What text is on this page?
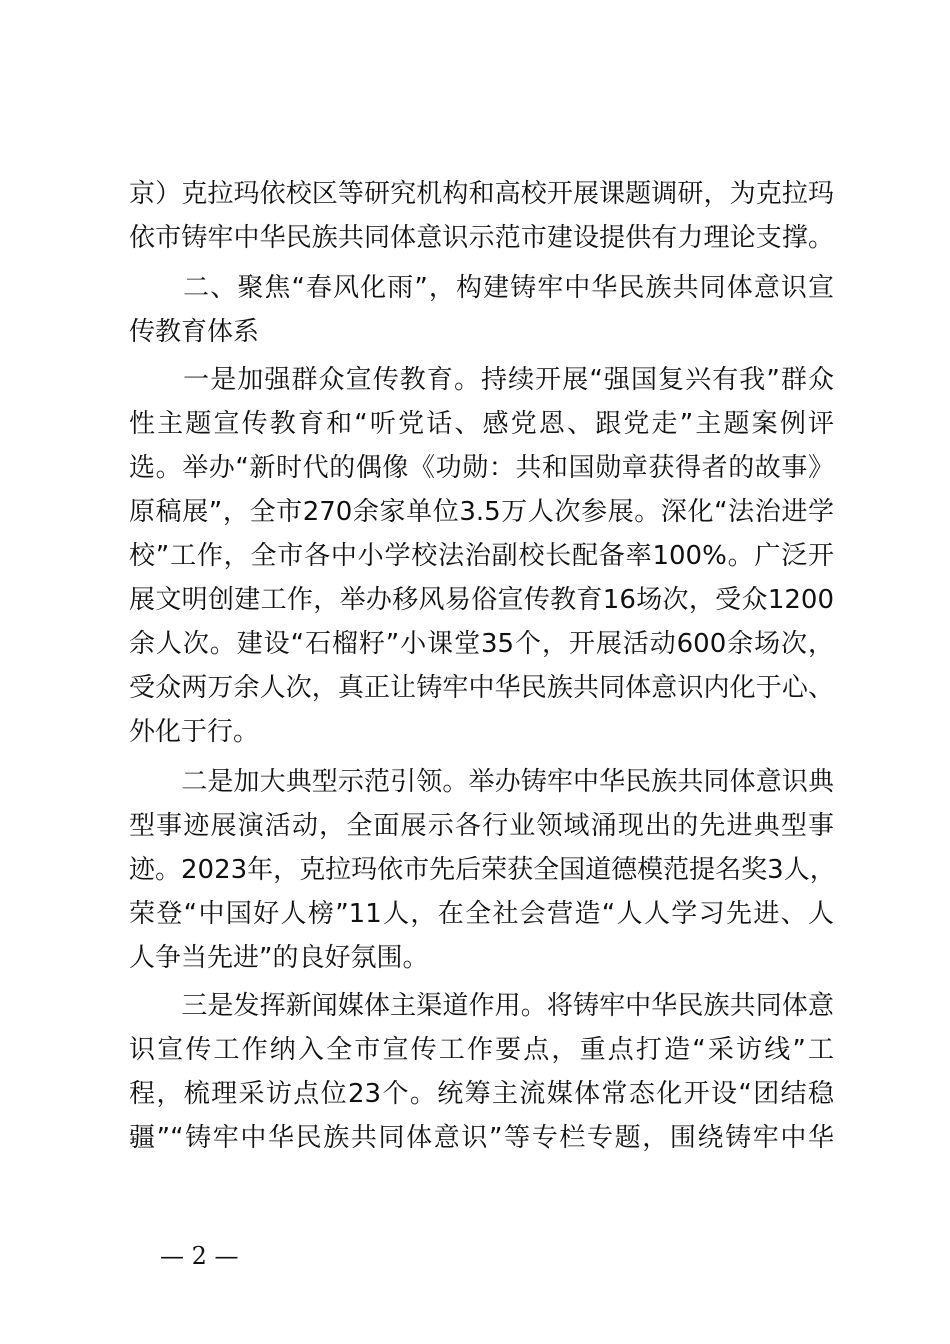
京）克拉玛依校区等研究机构和高校开展课题调研，为克拉玛
依市铸牢中华民族共同体意识示范市建设提供有力理论支撑。
　　二、聚焦“春风化雨”，构建铸牢中华民族共同体意识宣
传教育体系
　　一是加强群众宣传教育。持续开展“强国复兴有我”群众
性主题宣传教育和“听党话、感党恩、跟党走”主题案例评
选。举办“新时代的偶像《功勋：共和国勋章获得者的故事》
原稿展”，全市270余家单位3.5万人次参展。深化“法治进学
校”工作，全市各中小学校法治副校长配备率100%。广泛开
展文明创建工作，举办移风易俗宣传教育16场次，受众1200
余人次。建设“石榴籽”小课堂35个，开展活动600余场次，
受众两万余人次，真正让铸牢中华民族共同体意识内化于心、
外化于行。
　　二是加大典型示范引领。举办铸牢中华民族共同体意识典
型事迹展演活动，全面展示各行业领域涌现出的先进典型事
迹。2023年，克拉玛依市先后荣获全国道德模范提名奖3人，
荣登“中国好人榜”11人，在全社会营造“人人学习先进、人
人争当先进”的良好氛围。
　　三是发挥新闻媒体主渠道作用。将铸牢中华民族共同体意
识宣传工作纳入全市宣传工作要点，重点打造“采访线”工
程，梳理采访点位23个。统筹主流媒体常态化开设“团结稳
疆”“铸牢中华民族共同体意识”等专栏专题，围绕铸牢中华
— 2 —
